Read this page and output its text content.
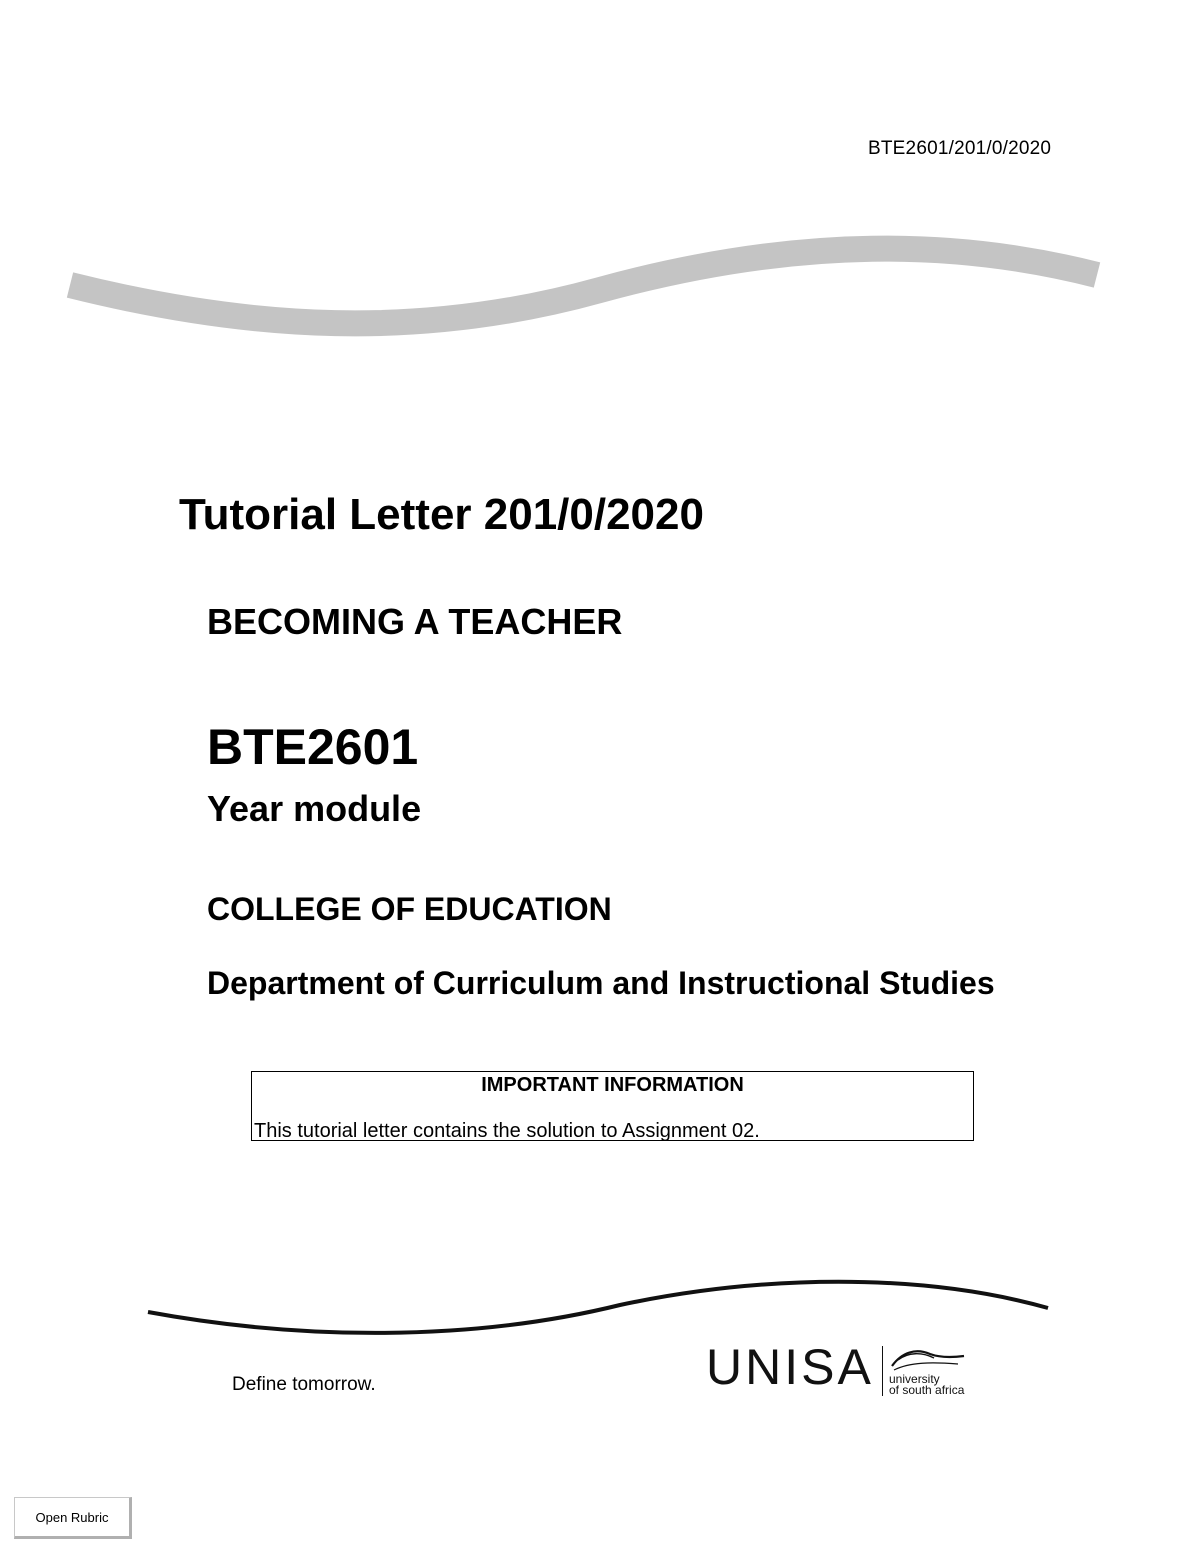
BTE2601/201/0/2020
Tutorial Letter 201/0/2020
BECOMING A TEACHER
BTE2601
Year module
COLLEGE OF EDUCATION
Department of Curriculum and Instructional Studies
IMPORTANT INFORMATION
This tutorial letter contains the solution to Assignment 02.
Define tomorrow.	UNISA university
of south africa
Open Rubric
